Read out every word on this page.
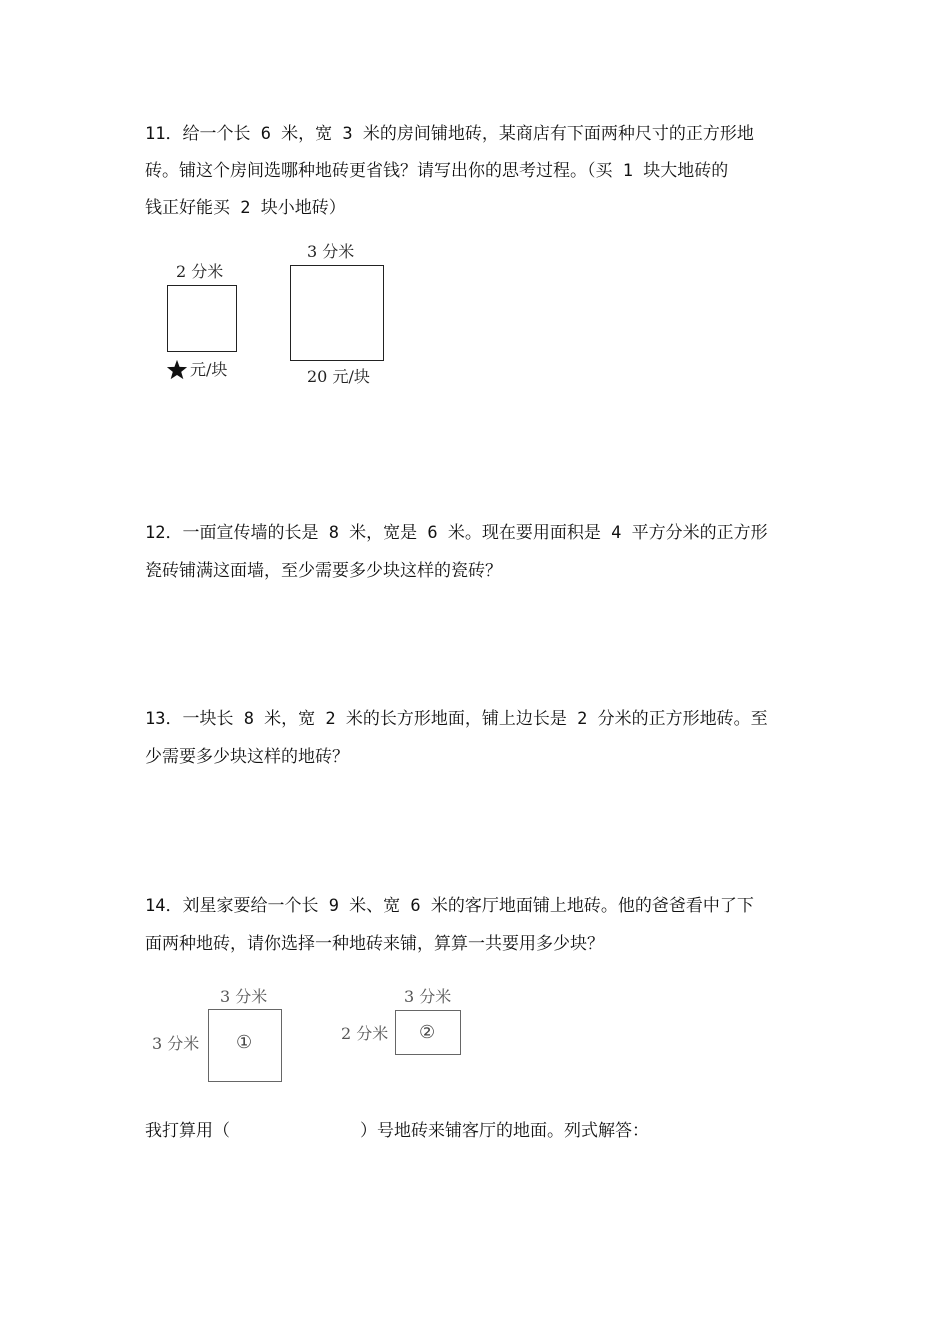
11．给一个长 6 米，宽 3 米的房间铺地砖，某商店有下面两种尺寸的正方形地
砖。铺这个房间选哪种地砖更省钱？请写出你的思考过程。（买 1 块大地砖的
钱正好能买 2 块小地砖）
2 分米
元/块
3 分米
20 元/块
12．一面宣传墙的长是 8 米，宽是 6 米。现在要用面积是 4 平方分米的正方形
瓷砖铺满这面墙，至少需要多少块这样的瓷砖？
13．一块长 8 米，宽 2 米的长方形地面，铺上边长是 2 分米的正方形地砖。至
少需要多少块这样的地砖？
14．刘星家要给一个长 9 米、宽 6 米的客厅地面铺上地砖。他的爸爸看中了下
面两种地砖，请你选择一种地砖来铺，算算一共要用多少块？
3 分米
3 分米 ①
3 分米
2 分米 ②
我打算用（	）号地砖来铺客厅的地面。列式解答：
